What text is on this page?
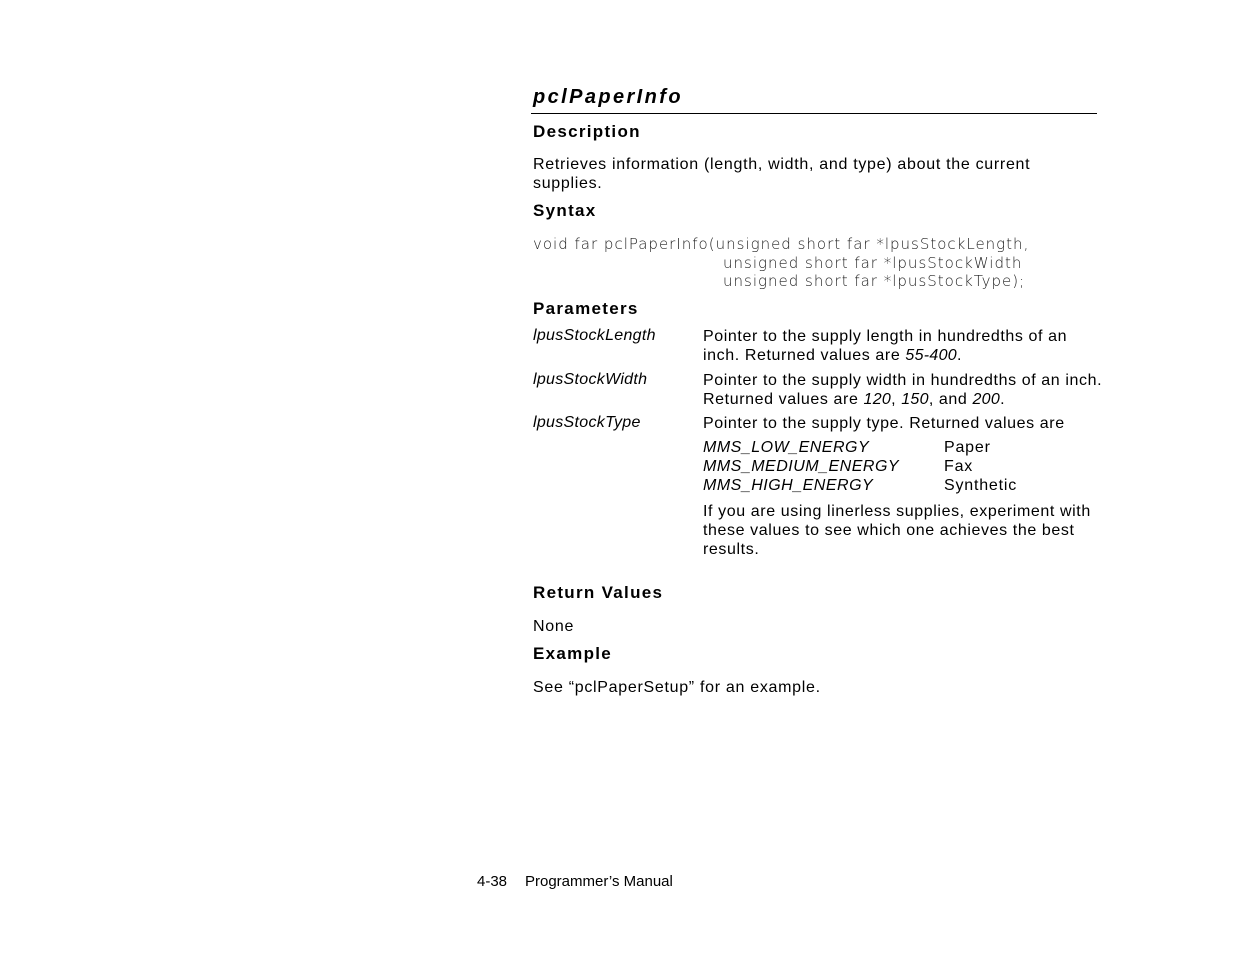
pclPaperInfo
Description
Retrieves information (length, width, and type) about the current supplies.
Syntax
void far pclPaperInfo(unsigned short far *lpusStockLength,
unsigned short far *lpusStockWidth
unsigned short far *lpusStockType);
Parameters
lpusStockLength	Pointer to the supply length in hundredths of an inch. Returned values are 55-400.
lpusStockWidth	Pointer to the supply width in hundredths of an inch. Returned values are 120, 150, and 200.
lpusStockType	Pointer to the supply type. Returned values are
MMS_LOW_ENERGY	Paper
MMS_MEDIUM_ENERGY	Fax
MMS_HIGH_ENERGY	Synthetic
If you are using linerless supplies, experiment with these values to see which one achieves the best results.
Return Values
None
Example
See “pclPaperSetup” for an example.
4-38 Programmer’s Manual
